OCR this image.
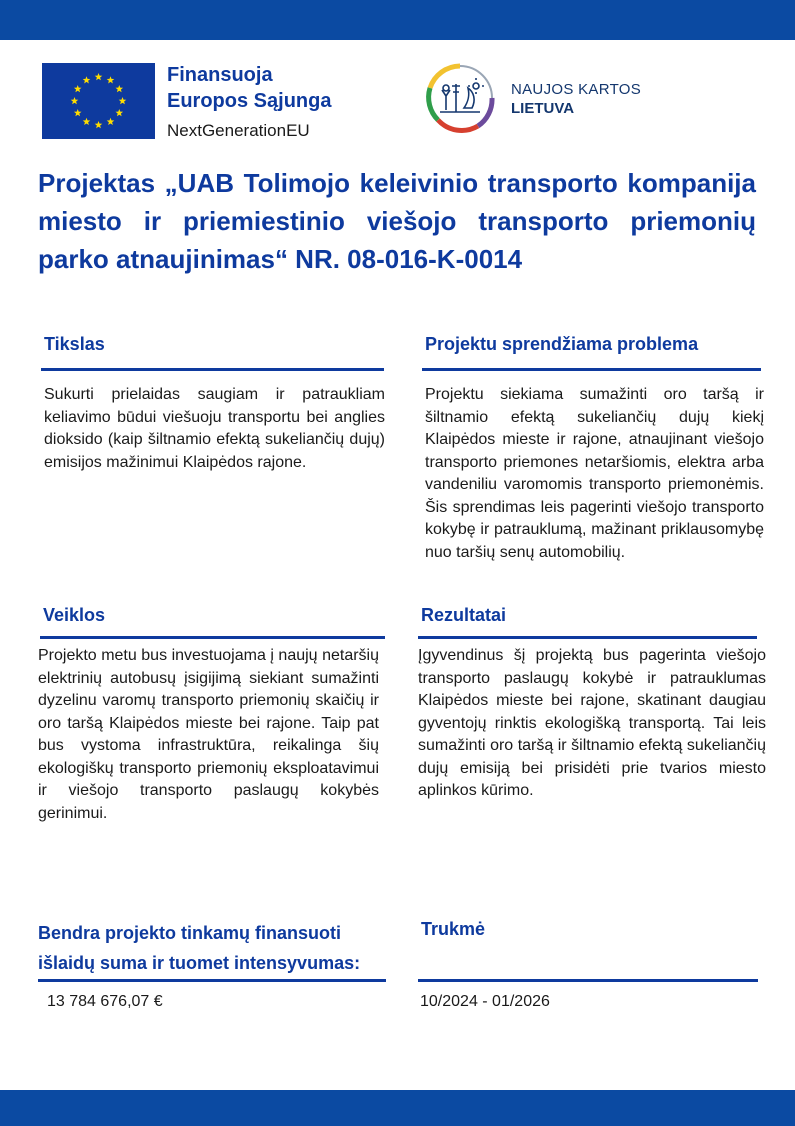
Finansuoja
Europos Sąjunga
NextGenerationEU
NAUJOS KARTOS
LIETUVA
Projektas „UAB Tolimojo keleivinio transporto kompanija miesto ir priemiestinio viešojo transporto priemonių parko atnaujinimas“ NR. 08-016-K-0014
Tikslas

Sukurti prielaidas saugiam ir patraukliam keliavimo būdui viešuoju transportu bei anglies dioksido (kaip šiltnamio efektą sukeliančių dujų) emisijos mažinimui Klaipėdos rajone.

Projektu sprendžiama problema

Projektu siekiama sumažinti oro taršą ir šiltnamio efektą sukeliančių dujų kiekį Klaipėdos mieste ir rajone, atnaujinant viešojo transporto priemones netaršiomis, elektra arba vandeniliu varomomis transporto priemonėmis. Šis sprendimas leis pagerinti viešojo transporto kokybę ir patrauklumą, mažinant priklausomybę nuo taršių senų automobilių.

Veiklos

Projekto metu bus investuojama į naujų netaršių elektrinių autobusų įsigijimą siekiant sumažinti dyzelinu varomų transporto priemonių skaičių ir oro taršą Klaipėdos mieste bei rajone. Taip pat bus vystoma infrastruktūra, reikalinga šių ekologiškų transporto priemonių eksploatavimui ir viešojo transporto paslaugų kokybės gerinimui.

Rezultatai

Įgyvendinus šį projektą bus pagerinta viešojo transporto paslaugų kokybė ir patrauklumas Klaipėdos mieste bei rajone, skatinant daugiau gyventojų rinktis ekologišką transportą. Tai leis sumažinti oro taršą ir šiltnamio efektą sukeliančių dujų emisiją bei prisidėti prie tvarios miesto aplinkos kūrimo.

Bendra projekto tinkamų finansuoti
išlaidų suma ir tuomet intensyvumas:

13 784 676,07 €

Trukmė

10/2024 - 01/2026
